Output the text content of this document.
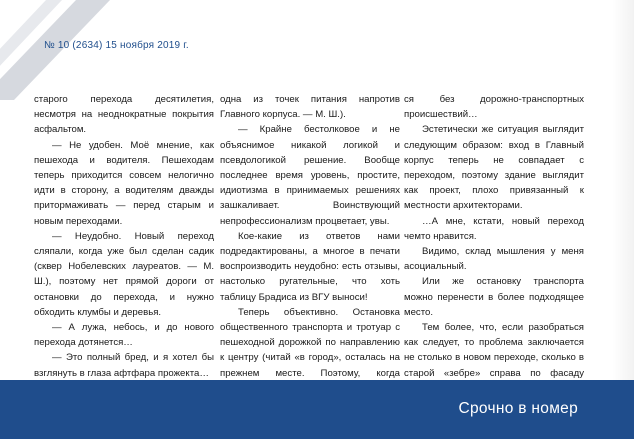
№ 10 (2634) 15 ноября 2019 г.

старого перехода десятилетия, несмотря на неоднократные покрытия асфальтом.

— Не удобен. Моё мнение, как пешехода и водителя. Пешеходам теперь приходится совсем нелогично идти в сторону, а водителям дважды притормаживать — перед старым и новым переходами.

— Неудобно. Новый переход сляпали, когда уже был сделан садик (сквер Нобелевских лауреатов. — М. Ш.), поэтому нет прямой дороги от остановки до перехода, и нужно обходить клумбы и деревья.

— А лужа, небось, и до нового перехода дотянется…

— Это полный бред, и я хотел бы взглянуть в глаза афтфара прожекта…

одна из точек питания напротив Главного корпуса. — М. Ш.).

— Крайне бестолковое и не объяснимое никакой логикой и псевдологикой решение. Вообще последнее время уровень, простите, идиотизма в принимаемых решениях зашкаливает. Воинствующий непрофессионализм процветает, увы.

Кое-какие из ответов нами подредактированы, а многое в печати воспроизводить неудобно: есть отзывы, настолько ругательные, что хоть таблицу Брадиса из ВГУ выноси!

Теперь объективно. Остановка общественного транспорта и тротуар с пешеходной дорожкой по направлению к центру (читай «в город», осталась на прежнем месте. Поэтому, когда

ся без дорожно-транспортных происшествий…

Эстетически же ситуация выглядит следующим образом: вход в Главный корпус теперь не совпадает с переходом, поэтому здание выглядит как проект, плохо привязанный к местности архитекторами.

…А мне, кстати, новый переход чемто нравится.

Видимо, склад мышления у меня асоциальный.

Или же остановку транспорта можно перенести в более подходящее место.

Тем более, что, если разобраться как следует, то проблема заключается не столько в новом переходе, сколько в старой «зебре» справа по фасаду

Срочно в номер
